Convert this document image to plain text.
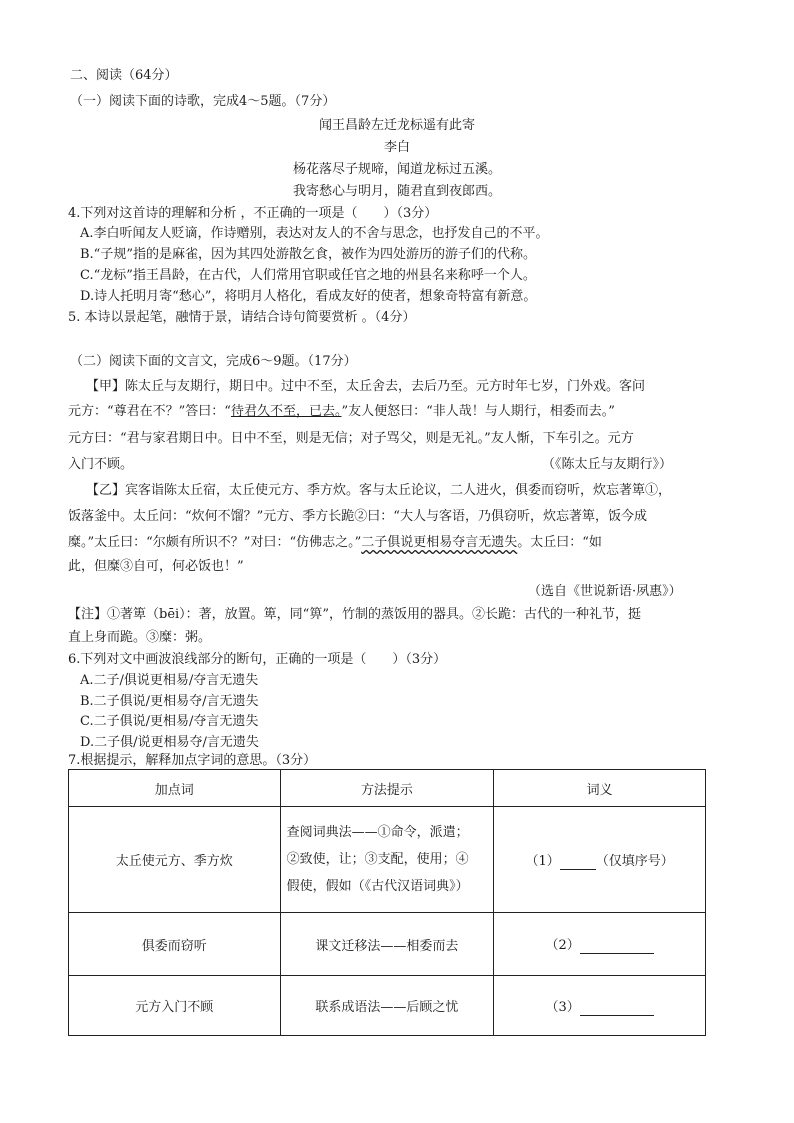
二、阅读（64分）
（一）阅读下面的诗歌，完成4～5题。（7分）
闻王昌龄左迁龙标遥有此寄
李白
杨花落尽子规啼，闻道龙标过五溪。
我寄愁心与明月，随君直到夜郎西。
4.下列对这首诗的理解和分析 ，不正确的一项是（　　）（3分）
A.李白听闻友人贬谪，作诗赠别，表达对友人的不舍与思念，也抒发自己的不平。
B.“子规”指的是麻雀，因为其四处游散乞食，被作为四处游历的游子们的代称。
C.“龙标”指王昌龄，在古代，人们常用官职或任官之地的州县名来称呼一个人。
D.诗人托明月寄“愁心”，将明月人格化，看成友好的使者，想象奇特富有新意。
5. 本诗以景起笔，融情于景，请结合诗句简要赏析 。（4分）
（二）阅读下面的文言文，完成6～9题。（17分）
【甲】陈太丘与友期行，期日中。过中不至，太丘舍去，去后乃至。元方时年七岁，门外戏。客问
元方：“尊君在不？”答曰：“待君久不至，已去。”友人便怒曰：“非人哉！与人期行，相委而去。”
元方曰：“君与家君期日中。日中不至，则是无信；对子骂父，则是无礼。”友人惭，下车引之。元方
入门不顾。	（《陈太丘与友期行》）
【乙】宾客诣陈太丘宿，太丘使元方、季方炊。客与太丘论议，二人进火，俱委而窃听，炊忘著箄①，
饭落釜中。太丘问：“炊何不馏？”元方、季方长跪②曰：“大人与客语，乃俱窃听，炊忘著箄，饭今成
糜。”太丘曰：“尔颇有所识不？”对曰：“仿佛志之。”二子俱说更相易夺言无遗失。太丘曰：“如
此，但糜③自可，何必饭也！”
（选自《世说新语·夙惠》）
【注】①著箄（bēi）：著，放置。箄，同“箅”，竹制的蒸饭用的器具。②长跪：古代的一种礼节，挺
直上身而跪。③糜：粥。
6.下列对文中画波浪线部分的断句，正确的一项是（　　）（3分）
A.二子/俱说更相易/夺言无遗失
B.二子俱说/更相易夺/言无遗失
C.二子俱说/更相易/夺言无遗失
D.二子俱/说更相易夺/言无遗失
7.根据提示，解释加点字词的意思。（3分）
加点词	方法提示	词义
太丘使元方、季方炊	查阅词典法——①命令，派遣；
②致使，让；③支配，使用；④
假使，假如（《古代汉语词典》）	（1） （仅填序号）
俱委而窃听	课文迁移法——相委而去	（2）
元方入门不顾	联系成语法——后顾之忧	（3）
